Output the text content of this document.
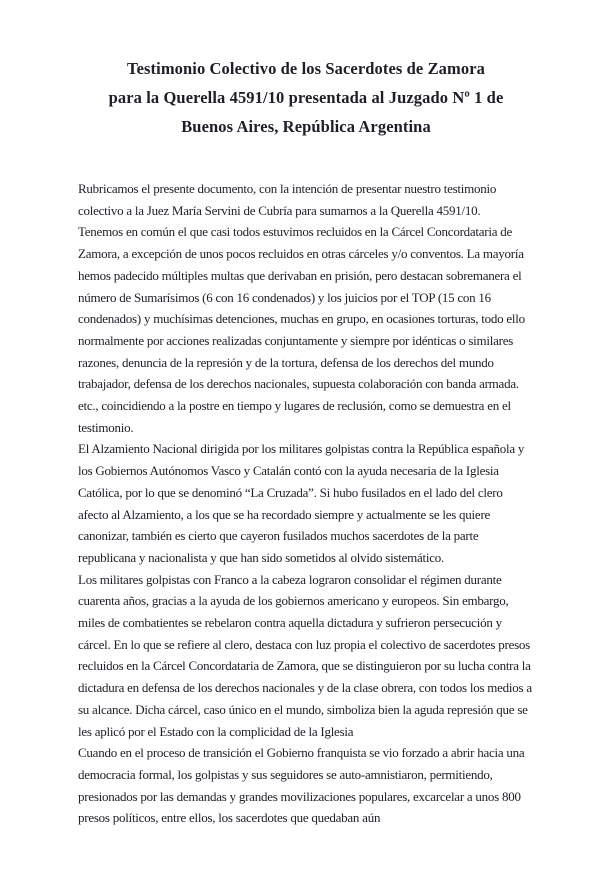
Testimonio Colectivo de los Sacerdotes de Zamora
para la Querella 4591/10 presentada al Juzgado Nº 1 de
Buenos Aires, República Argentina
Rubricamos el presente documento, con la intención de presentar nuestro testimonio
colectivo a la Juez María Servini de Cubría para sumarnos a la Querella 4591/10.
Tenemos en común el que casi todos estuvimos recluidos en la Cárcel Concordataria de
Zamora, a excepción de unos pocos recluidos en otras cárceles y/o conventos. La mayoría
hemos padecido múltiples multas que derivaban en prisión, pero destacan sobremanera el
número de Sumarísimos (6 con 16 condenados) y los juicios por el TOP (15 con 16
condenados) y muchísimas detenciones, muchas en grupo, en ocasiones torturas, todo ello
normalmente por acciones realizadas conjuntamente y siempre por idénticas o similares
razones, denuncia de la represión y de la tortura, defensa de los derechos del mundo
trabajador, defensa de los derechos nacionales, supuesta colaboración con banda armada.
etc., coincidiendo a la postre en tiempo y lugares de reclusión, como se demuestra en el
testimonio.
El Alzamiento Nacional dirigida por los militares golpistas contra la República española y
los Gobiernos Autónomos Vasco y Catalán contó con la ayuda necesaria de la Iglesia
Católica, por lo que se denominó “La Cruzada”. Si hubo fusilados en el lado del clero
afecto al Alzamiento, a los que se ha recordado siempre y actualmente se les quiere
canonizar, también es cierto que cayeron fusilados muchos sacerdotes de la parte
republicana y nacionalista y que han sido sometidos al olvido sistemático.
Los militares golpistas con Franco a la cabeza lograron consolidar el régimen durante
cuarenta años, gracias a la ayuda de los gobiernos americano y europeos. Sin embargo,
miles de combatientes se rebelaron contra aquella dictadura y sufrieron persecución y
cárcel. En lo que se refiere al clero, destaca con luz propia el colectivo de sacerdotes presos
recluidos en la Cárcel Concordataria de Zamora, que se distinguieron por su lucha contra la
dictadura en defensa de los derechos nacionales y de la clase obrera, con todos los medios a
su alcance. Dicha cárcel, caso único en el mundo, simboliza bien la aguda represión que se
les aplicó por el Estado con la complicidad de la Iglesia
Cuando en el proceso de transición el Gobierno franquista se vio forzado a abrir hacia una
democracia formal, los golpistas y sus seguidores se auto-amnistiaron, permitiendo,
presionados por las demandas y grandes movilizaciones populares, excarcelar a unos 800
presos políticos, entre ellos, los sacerdotes que quedaban aún
